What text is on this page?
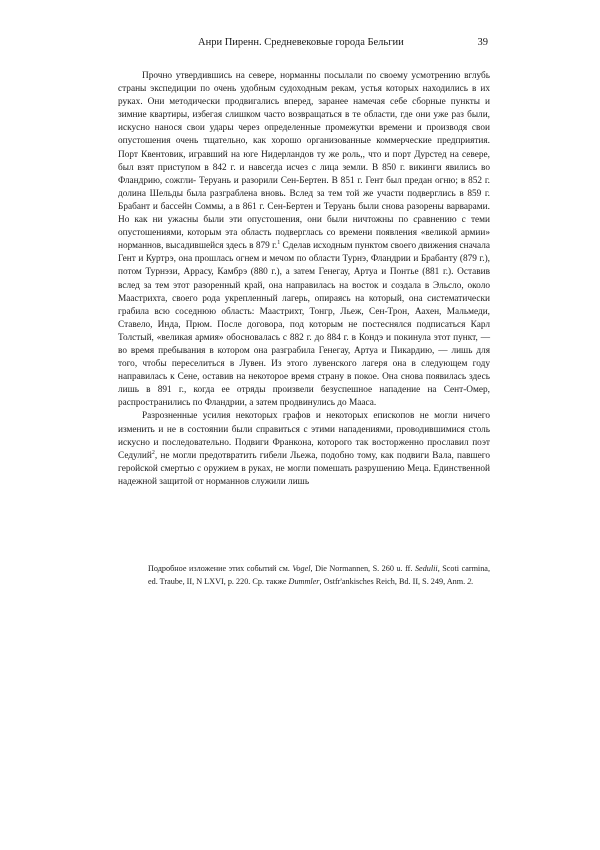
Анри Пиренн. Средневековые города Бельгии	39

Прочно утвердившись на севере, норманны посылали по своему усмотрению вглубь страны экспедиции по очень удобным судоходным рекам, устья которых находились в их руках. Они методически продвигались вперед, заранее намечая себе сборные пункты и зимние квартиры, избегая слишком часто возвращаться в те области, где они уже раз были, искусно нанося свои удары через определенные промежутки времени и производя свои опустошения очень тщательно, как хорошо организованные коммерческие предприятия. Порт Квентовик, игравший на юге Нидерландов ту же роль,, что и порт Дурстед на севере, был взят приступом в 842 г. и навсегда исчез с лица земли. В 850 г. викинги явились во Фландрию, сожгли- Теруань и разорили Сен-Бертен. В 851 г. Гент был предан огню; в 852 г. долина Шельды была разграблена вновь. Вслед за тем той же участи подверглись в 859 г. Брабант и бассейн Соммы, а в 861 г. Сен-Бертен и Теруань были снова разорены варварами. Но как ни ужасны были эти опустошения, они были ничтожны по сравнению с теми опустошениями, которым эта область подверглась со времени появления «великой армии» норманнов, высадившейся здесь в 879 г.$^1$ Сделав исходным пунктом своего движения сначала Гент и Куртрэ, она прошлась огнем и мечом по области Турнэ, Фландрии и Брабанту (879 г.), потом Турнэзи, Аррасу, Камбрэ (880 г.), а затем Генегау, Артуа и Понтье (881 г.). Оставив вслед за тем этот разоренный край, она направилась на восток и создала в Эльсло, около Маастрихта, своего рода укрепленный лагерь, опираясь на который, она систематически грабила всю соседнюю область: Маастрихт, Тонгр, Льеж, Сен-Трон, Аахен, Мальмеди, Ставело, Инда, Прюм. После договора, под которым не постеснялся подписаться Карл Толстый, «великая армия» обосновалась с 882 г. до 884 г. в Кондэ и покинула этот пункт, — во время пребывания в котором она разграбила Генегау, Артуа и Пикардию, — лишь для того, чтобы переселиться в Лувен. Из этого лувенского лагеря она в следующем году направилась к Сене, оставив на некоторое время страну в покое. Она снова появилась здесь лишь в 891 г., когда ее отряды произвели безуспешное нападение на Сент-Омер, распространились по Фландрии, а затем продвинулись до Мааса.

Разрозненные усилия некоторых графов и некоторых епископов не могли ничего изменить и не в состоянии были справиться с этими нападениями, проводившимися столь искусно и последовательно. Подвиги Франкона, которого так восторженно прославил поэт Седулий$^2$, не могли предотвратить гибели Льежа, подобно тому, как подвиги Вала, павшего геройской смертью с оружием в руках, не могли помешать разрушению Меца. Единственной надежной защитой от норманнов служили лишь

Подробное изложение этих событий см. Vogel, Die Normannen, S. 260 u. ff. Sedulii, Scoti carmina, ed. Traube, II, N LXVI, p. 220. Ср. также Dummler, Ostfr'ankisches Reich, Bd. II, S. 249, Anm. 2.
